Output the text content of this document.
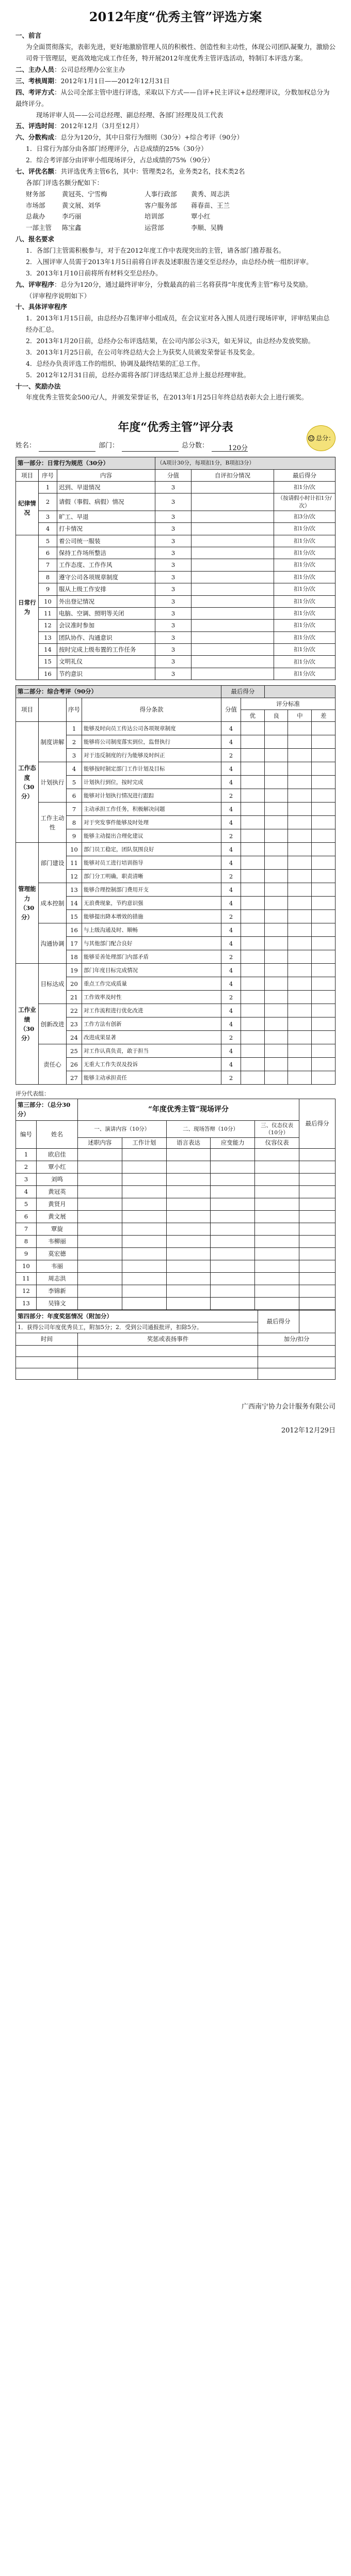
2012年度“优秀主管”评选方案
一、前言
为全面贯彻落实，表彰先进，更好地激励管理人员的积极性、创造性和主动性，体现公司团队凝聚力，激励公司骨干管理层，更高效地完成工作任务，特开展2012年度优秀主管评选活动，特制订本评选方案。
二、主办人员：公司总经理办公室主办
三、考核周期：2012年1月1日——2012年12月31日
四、考评方式：从公司全部主管中进行评选，采取以下方式——自评+民主评议+总经理评议，分数加权总分为最终评分。
现场评审人员——公司总经理、副总经理、各部门经理及员工代表
五、评选时间：2012年12月（3月至12月）
六、分数构成：总分为120分，其中日常行为细则（30分）+综合考评（90分）
1．日常行为部分由各部门经理评分，占总成绩的25%（30分）
2．综合考评部分由评审小组现场评分，占总成绩的75%（90分）
七、评优名额：共评选优秀主管6名，其中：管理类2名，业务类2名，技术类2名
各部门评选名额分配如下：
财务部	黄冠英、宁雪梅	人事行政部	黄秀、周志洪
市场部	黄文展、刘华	客户服务部	蒋春苗、王兰
总裁办	李巧丽	培训部	覃小红
一部主管	陈宝鑫	运营部	李顺、吴腾
八、报名要求
1．各部门主管需积极参与，对于在2012年度工作中表现突出的主管，请各部门推荐报名。
2．入围评审人员需于2013年1月5日前将自评表及述职报告递交至总经办，由总经办统一组织评审。
3．2013年1月10日前将所有材料交至总经办。
九、评审程序：总分为120分，通过最终评审分，分数最高的前三名将获得“年度优秀主管”称号及奖励。
（评审程序说明如下）
十、具体评审程序
1．2013年1月15日前，由总经办召集评审小组成员，在会议室对各入围人员进行现场评审，评审结果由总经办汇总。
2．2013年1月20日前，总经办公布评选结果，在公司内部公示3天，如无异议，由总经办发放奖励。
3．2013年1月25日前，在公司年终总结大会上为获奖人员颁发荣誉证书及奖金。
4．总经办负责评选工作的组织、协调及最终结果的汇总工作。
5．2012年12月31日前，总经办需将各部门评选结果汇总并上报总经理审批。
十一、奖励办法
年度优秀主管奖金500元/人，并颁发荣誉证书，在2013年1月25日年终总结表彰大会上进行颁奖。
年度“优秀主管”评分表
姓名：	部门：	总分数：	120分
☺ 总分：
第一部分：日常行为规范（30分）			（A项计30分，每项扣1分，B项扣3分）		
项目	序号	内容	分值	自评扣分情况	最后得分
纪律情况	1	迟到、早退情况	3		扣1分/次
	2	请假（事假、病假）情况	3		（按请假小时计扣1分/次）
	3	旷工、早退	3		扣3分/次
	4	打卡情况	3		扣1分/次
日常行为	5	着公司统一服装	3		扣1分/次
	6	保持工作场所整洁	3		扣1分/次
	7	工作态度、工作作风	3		扣1分/次
	8	遵守公司各项规章制度	3		扣1分/次
	9	服从上级工作安排	3		扣1分/次
	10	外出登记情况	3		扣1分/次
	11	电脑、空调、照明等关闭	3		扣1分/次
	12	会议准时参加	3		扣1分/次
	13	团队协作、沟通意识	3		扣1分/次
	14	按时完成上级布置的工作任务	3		扣1分/次
	15	文明礼仪	3		扣1分/次
	16	节约意识	3		扣1分/次
第二部分：综合考评（90分）				最后得分				
项目		序号	得分条款	分值	评分标准			
					优	良	中	差
工作态度（30分）	制度讲解	1	能够及时向员工传达公司各项规章制度	4				
		2	能够将公司制度落实到位，监督执行	4				
		3	对于违反制度的行为能够及时纠正	2				
	计划执行	4	能够按时制定部门工作计划及目标	4				
		5	计划执行到位，按时完成	4				
		6	能够对计划执行情况进行跟踪	2				
	工作主动性	7	主动承担工作任务，积极解决问题	4				
		8	对于突发事件能够及时处理	4				
		9	能够主动提出合理化建议	2				
管理能力（30分）	部门建设	10	部门员工稳定，团队氛围良好	4				
		11	能够对员工进行培训指导	4				
		12	部门分工明确，职责清晰	2				
	成本控制	13	能够合理控制部门费用开支	4				
		14	无浪费现象，节约意识强	4				
		15	能够提出降本增效的措施	2				
	沟通协调	16	与上级沟通及时、顺畅	4				
		17	与其他部门配合良好	4				
		18	能够妥善处理部门内部矛盾	2				
工作业绩（30分）	目标达成	19	部门年度目标完成情况	4				
		20	重点工作完成质量	4				
		21	工作效率及时性	2				
	创新改进	22	对工作流程进行优化改进	4				
		23	工作方法有创新	4				
		24	改进成果显著	2				
	责任心	25	对工作认真负责，敢于担当	4				
		26	无重大工作失误及投诉	4				
		27	能够主动承担责任	2				
评分代表组：
第三部分：（总分30分）		“年度优秀主管”现场评分					最后得分
编号	姓名	一、演讲内容（10分）		二、现场答辩（10分）		三、仪态仪表（10分）	
		述职内容	工作计划	语言表达	应变能力	仪容仪表	
1	欧启佳						
2	覃小红						
3	刘鸣						
4	黄冠英						
5	黄贤月						
6	黄文展						
7	覃旋						
8	韦柳丽						
9	莫宏德						
10	韦丽						
11	周志洪						
12	李锦新						
13	吴锋文						
第四部分：年度奖惩情况（附加分）		最后得分	
1．获得公司年度优秀员工，附加5分；2．受到公司通报批评，扣除5分。			
时间	奖惩或表扬事件	加分/扣分	

广西南宁协力会计服务有限公司
2012年12月29日
